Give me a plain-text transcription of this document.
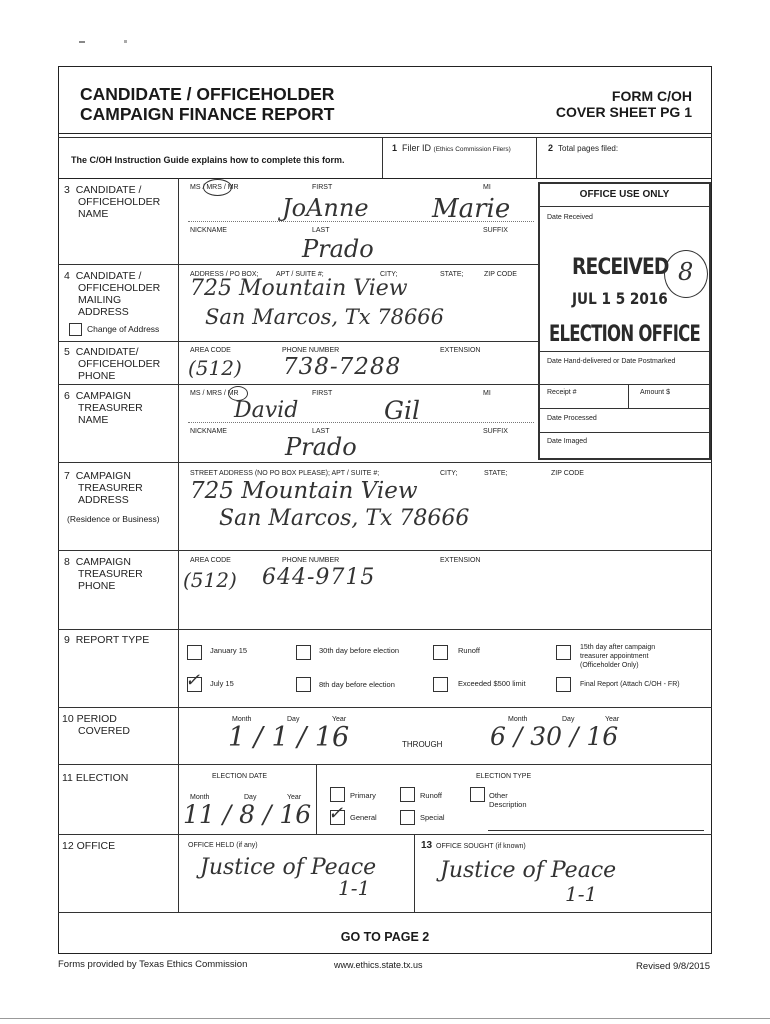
CANDIDATE / OFFICEHOLDER
CAMPAIGN FINANCE REPORT
FORM C/OH
COVER SHEET PG 1
The C/OH Instruction Guide explains how to complete this form.
1 Filer ID (Ethics Commission Filers)	2 Total pages filed:
OFFICE USE ONLY
Date Received
Date Hand-delivered or Date Postmarked
Receipt #	Amount $
Date Processed
Date Imaged
RECEIVED
JUL 1 5 2016
ELECTION OFFICE
8
3 CANDIDATE /
OFFICEHOLDER
NAME
MS / MRS / MR	FIRST	MI
JoAnne Marie
NICKNAME	LAST	SUFFIX
Prado
4 CANDIDATE /
OFFICEHOLDER
MAILING
ADDRESS
Change of Address
ADDRESS / PO BOX;	APT / SUITE #;	CITY;	STATE;	ZIP CODE
725 Mountain View
San Marcos, Tx 78666
5 CANDIDATE/
OFFICEHOLDER
PHONE
AREA CODE	PHONE NUMBER	EXTENSION
(512) 738-7288
6 CAMPAIGN
TREASURER
NAME
MS / MRS / MR	FIRST	MI
David	Gil
NICKNAME	LAST	SUFFIX
Prado
7 CAMPAIGN
TREASURER
ADDRESS
(Residence or Business)
STREET ADDRESS (NO PO BOX PLEASE); APT / SUITE #;	CITY;	STATE;	ZIP CODE
725 Mountain View
San Marcos, Tx 78666
8 CAMPAIGN
TREASURER
PHONE
AREA CODE	PHONE NUMBER	EXTENSION
(512) 644-9715
9 REPORT TYPE
January 15	30th day before election	Runoff	15th day after campaign
treasurer appointment
(Officeholder Only)
✓ July 15	8th day before election	Exceeded $500 limit	Final Report (Attach C/OH - FR)
10 PERIOD
COVERED
Month	Day	Year
1 / 1 / 16	THROUGH
Month	Day	Year
6 / 30 / 16
11 ELECTION	ELECTION DATE
Month	Day	Year
11 / 8 / 16
ELECTION TYPE
Primary	Runoff	Other
Description
✓ General	Special
12 OFFICE	OFFICE HELD (if any)
Justice of Peace
1-1
13 OFFICE SOUGHT (if known)
Justice of Peace
1-1
GO TO PAGE 2
Forms provided by Texas Ethics Commission	www.ethics.state.tx.us	Revised 9/8/2015
